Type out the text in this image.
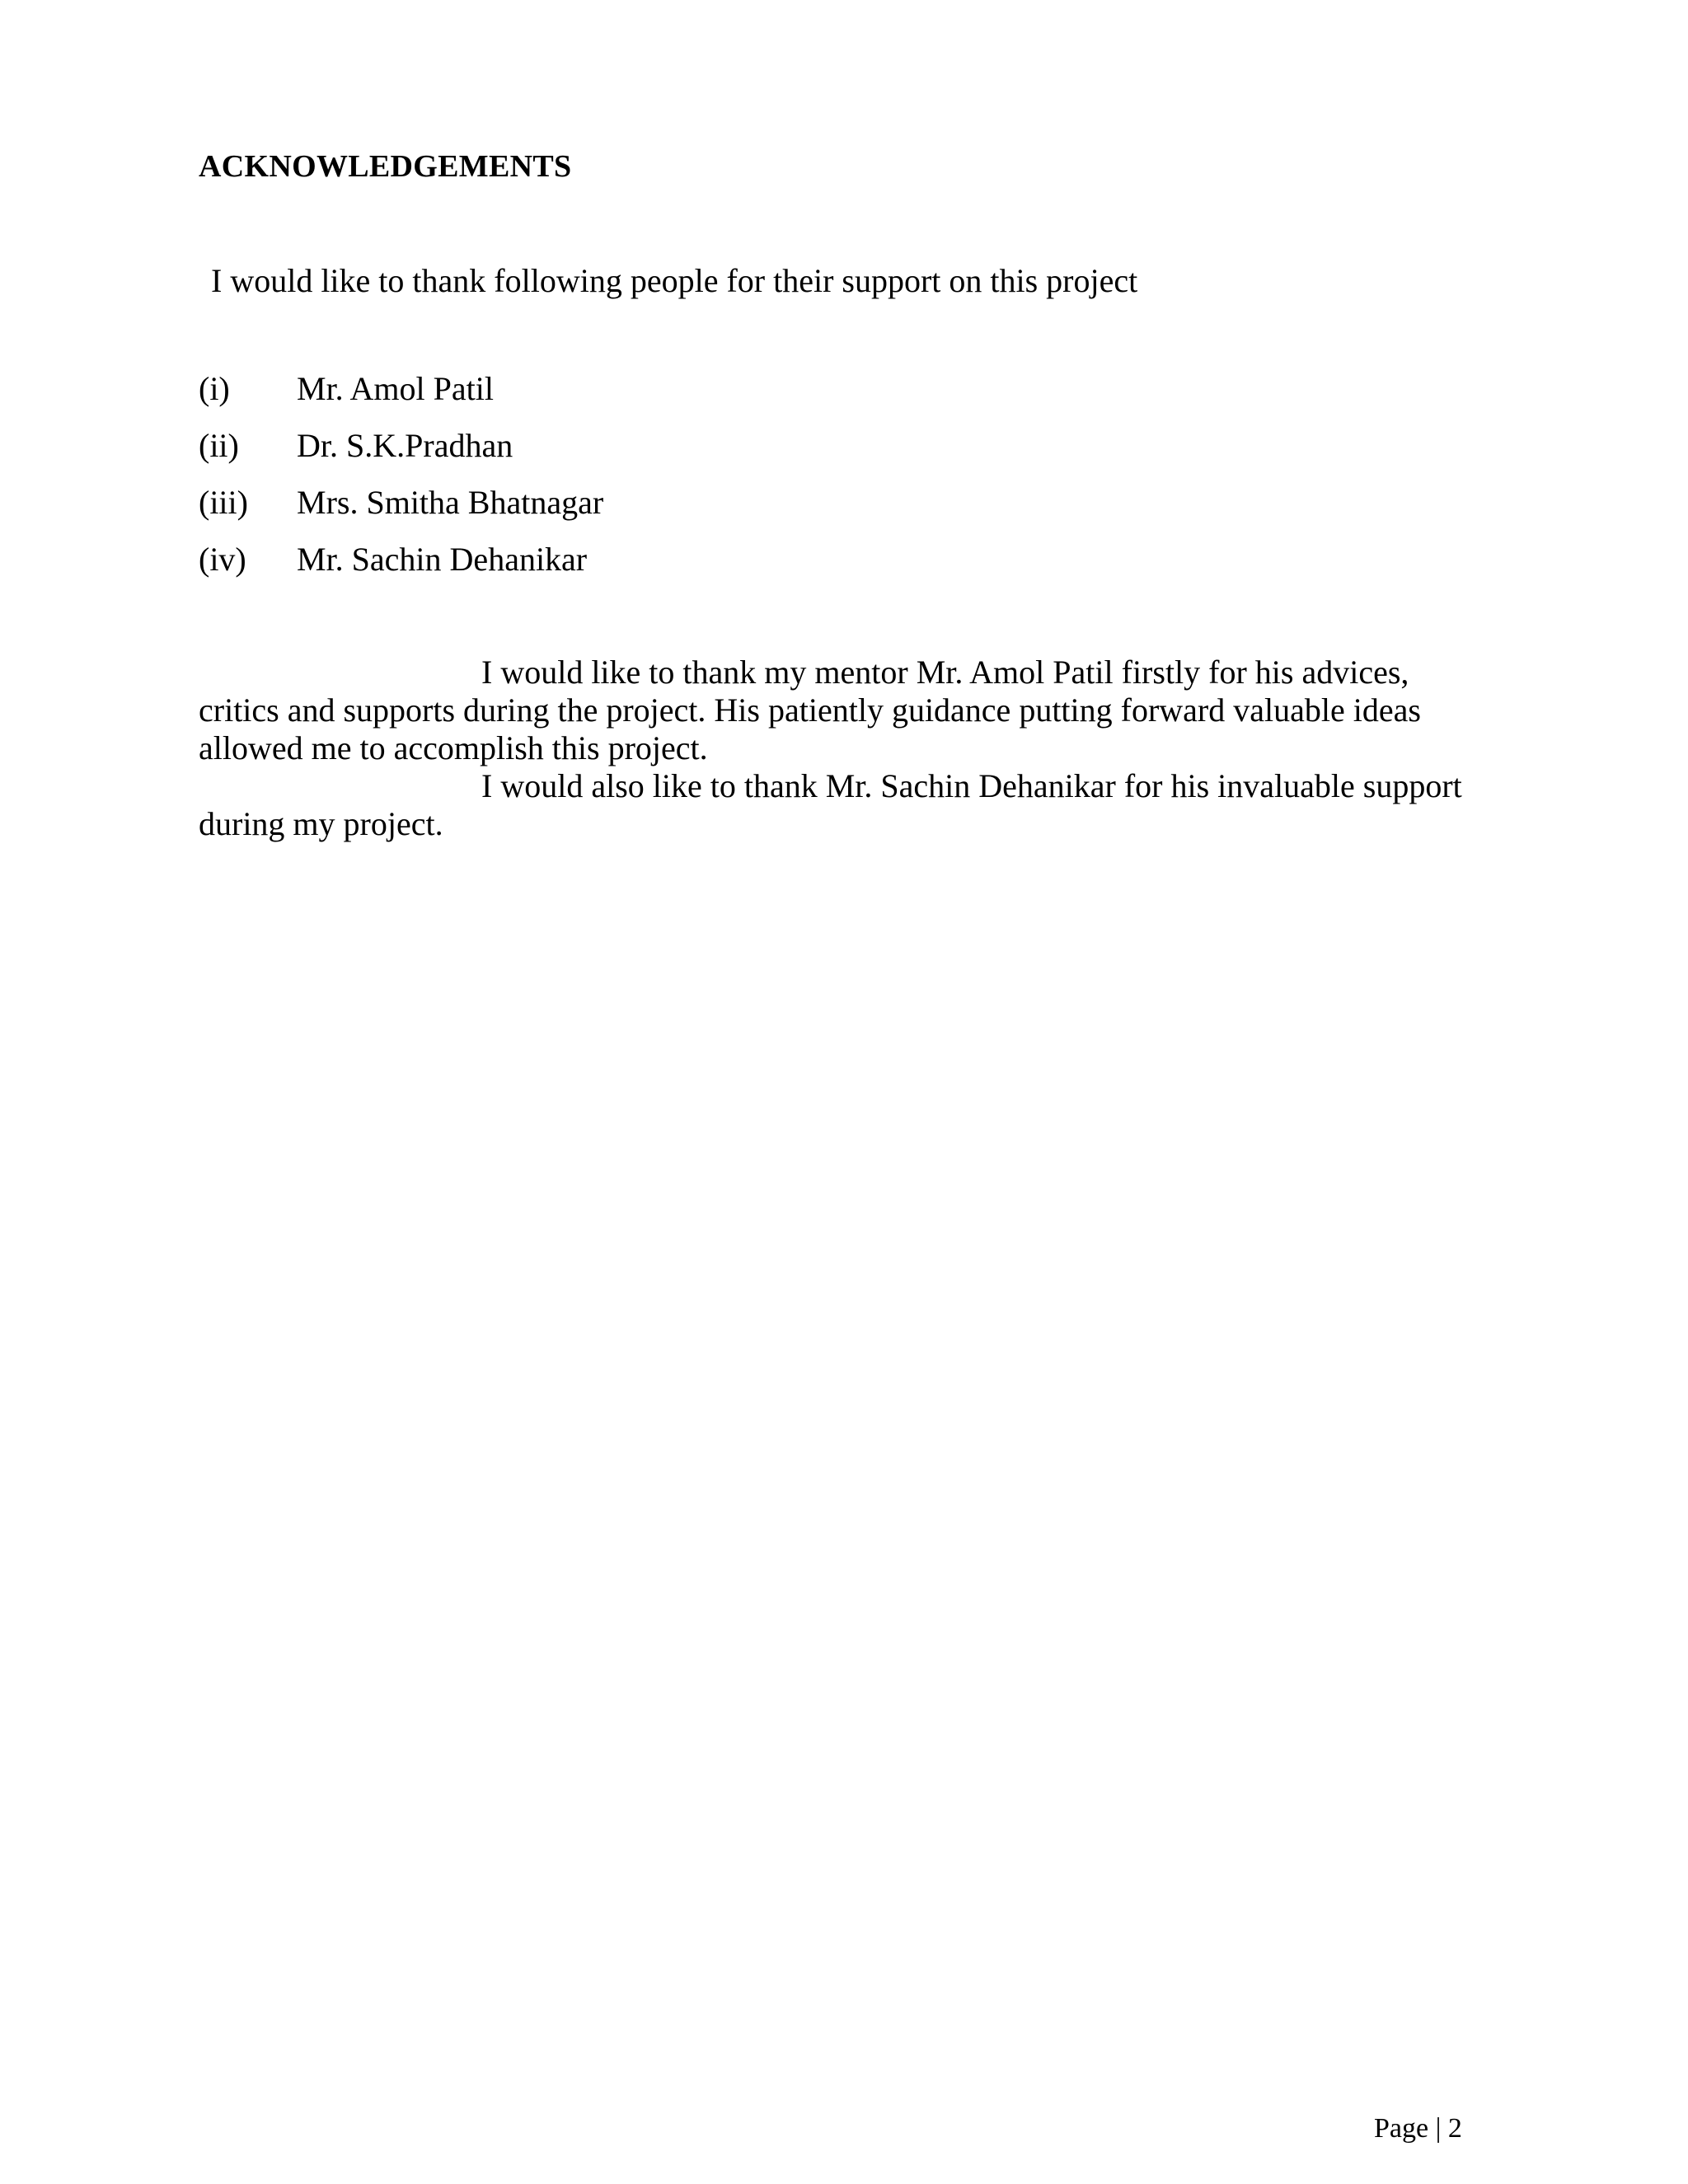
ACKNOWLEDGEMENTS
I would like to thank following people for their support on this project
(i)	Mr. Amol Patil
(ii)	Dr. S.K.Pradhan
(iii)	Mrs. Smitha Bhatnagar
(iv)	Mr. Sachin Dehanikar

I would like to thank my mentor Mr. Amol Patil firstly for his advices, critics and supports during the project. His patiently guidance putting forward valuable ideas allowed me to accomplish this project.

I would also like to thank Mr. Sachin Dehanikar for his invaluable support during my project.

Page | 2
